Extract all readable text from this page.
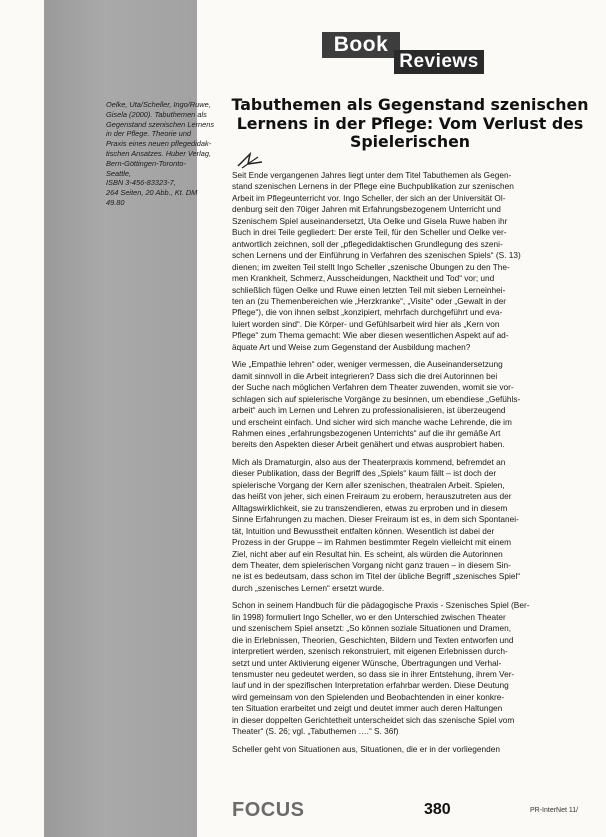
Oelke, Uta/Scheller, Ingo/Ruwe,

Gisela (2000). Tabuthemen als

Gegenstand szenischen Lernens

in der Pflege. Theorie und

Praxis eines neuen pflegedidak-

tischen Ansatzes. Huber Verlag,

Bern-Göttingen-Toronto-

Seattle,

ISBN 3-456-83323-7,

264 Seiten, 20 Abb., Kt. DM

49.80

Book
Reviews
Tabuthemen als Gegenstand szenischen
Lernens in der Pflege: Vom Verlust des
Spielerischen

Seit Ende vergangenen Jahres liegt unter dem Titel Tabuthemen als Gegen-
stand szenischen Lernens in der Pflege eine Buchpublikation zur szenischen
Arbeit im Pflegeunterricht vor. Ingo Scheller, der sich an der Universität Ol-
denburg seit den 70iger Jahren mit Erfahrungsbezogenem Unterricht und
Szenischem Spiel auseinandersetzt, Uta Oelke und Gisela Ruwe haben ihr
Buch in drei Teile gegliedert: Der erste Teil, für den Scheller und Oelke ver-
antwortlich zeichnen, soll der „pflegedidaktischen Grundlegung des szeni-
schen Lernens und der Einführung in Verfahren des szenischen Spiels“ (S. 13)
dienen; im zweiten Teil stellt Ingo Scheller „szenische Übungen zu den The-
men Krankheit, Schmerz, Ausscheidungen, Nacktheit und Tod“ vor; und
schließlich fügen Oelke und Ruwe einen letzten Teil mit sieben Lerneinhei-
ten an (zu Themenbereichen wie „Herzkranke“, „Visite“ oder „Gewalt in der
Pflege“), die von ihnen selbst „konzipiert, mehrfach durchgeführt und eva-
luiert worden sind“. Die Körper- und Gefühlsarbeit wird hier als „Kern von
Pflege“ zum Thema gemacht: Wie aber diesen wesentlichen Aspekt auf ad-
äquate Art und Weise zum Gegenstand der Ausbildung machen?

Wie „Empathie lehren“ oder, weniger vermessen, die Auseinandersetzung
damit sinnvoll in die Arbeit integrieren? Dass sich die drei Autorinnen bei
der Suche nach möglichen Verfahren dem Theater zuwenden, womit sie vor-
schlagen sich auf spielerische Vorgänge zu besinnen, um ebendiese „Gefühls-
arbeit“ auch im Lernen und Lehren zu professionalisieren, ist überzeugend
und erscheint einfach. Und sicher wird sich manche wache Lehrende, die im
Rahmen eines „erfahrungsbezogenen Unterrichts“ auf die ihr gemäße Art
bereits den Aspekten dieser Arbeit genähert und etwas ausprobiert haben.

Mich als Dramaturgin, also aus der Theaterpraxis kommend, befremdet an
dieser Publikation, dass der Begriff des „Spiels“ kaum fällt – ist doch der
spielerische Vorgang der Kern aller szenischen, theatralen Arbeit. Spielen,
das heißt von jeher, sich einen Freiraum zu erobern, herauszutreten aus der
Alltagswirklichkeit, sie zu transzendieren, etwas zu erproben und in diesem
Sinne Erfahrungen zu machen. Dieser Freiraum ist es, in dem sich Spontanei-
tät, Intuition und Bewusstheit entfalten können. Wesentlich ist dabei der
Prozess in der Gruppe – im Rahmen bestimmter Regeln vielleicht mit einem
Ziel, nicht aber auf ein Resultat hin. Es scheint, als würden die Autorinnen
dem Theater, dem spielerischen Vorgang nicht ganz trauen – in diesem Sin-
ne ist es bedeutsam, dass schon im Titel der übliche Begriff „szenisches Spiel“
durch „szenisches Lernen“ ersetzt wurde.

Schon in seinem Handbuch für die pädagogische Praxis - Szenisches Spiel (Ber-
lin 1998) formuliert Ingo Scheller, wo er den Unterschied zwischen Theater
und szenischem Spiel ansetzt: „So können soziale Situationen und Dramen,
die in Erlebnissen, Theorien, Geschichten, Bildern und Texten entworfen und
interpretiert werden, szenisch rekonstruiert, mit eigenen Erlebnissen durch-
setzt und unter Aktivierung eigener Wünsche, Übertragungen und Verhal-
tensmuster neu gedeutet werden, so dass sie in ihrer Entstehung, ihrem Ver-
lauf und in der spezifischen Interpretation erfahrbar werden. Diese Deutung
wird gemeinsam von den Spielenden und Beobachtenden in einer konkre-
ten Situation erarbeitet und zeigt und deutet immer auch deren Haltungen
in dieser doppelten Gerichtetheit unterscheidet sich das szenische Spiel vom
Theater“ (S. 26; vgl. „Tabuthemen ….“ S. 36f)

Scheller geht von Situationen aus, Situationen, die er in der vorliegenden

FOCUS	380	PR-InterNet 11/
